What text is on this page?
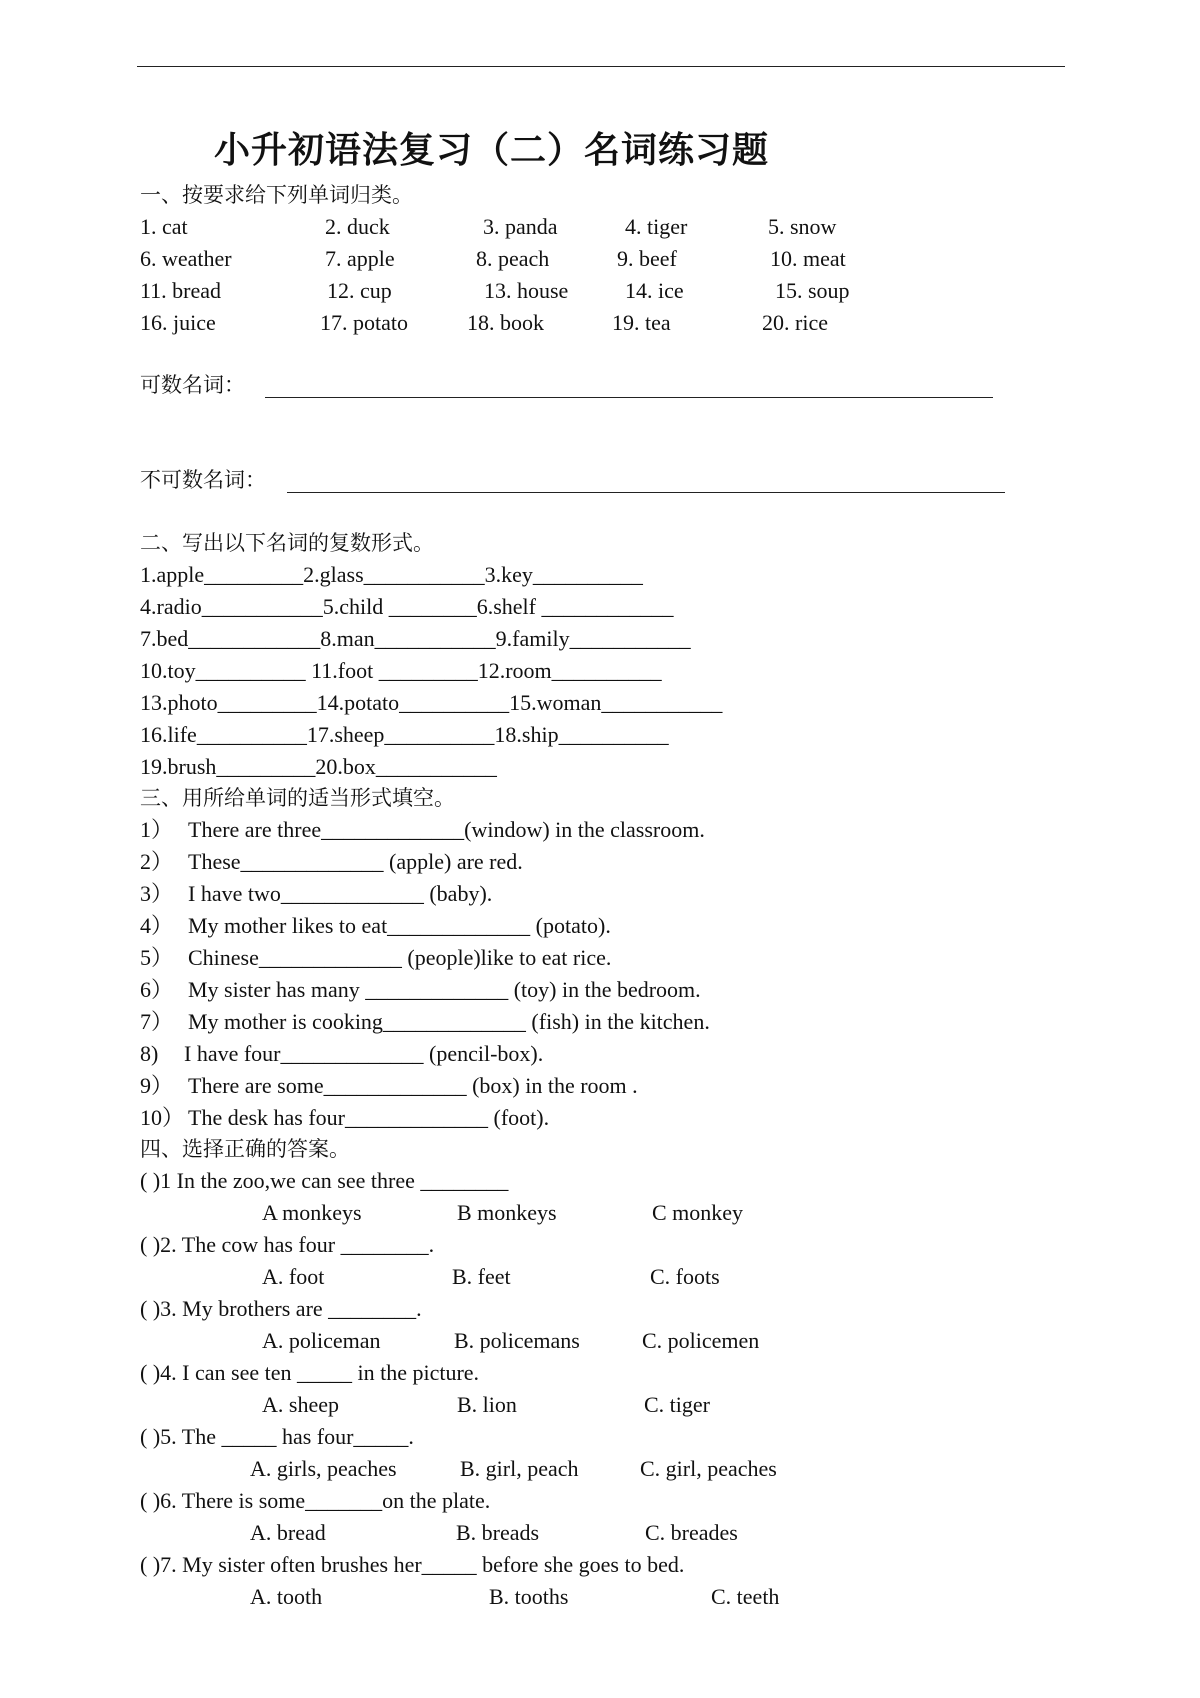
小升初语法复习（二）名词练习题
一、按要求给下列单词归类。
1. cat	2. duck	3. panda	4. tiger	5. snow
6. weather	7. apple	8. peach	9. beef	10. meat
11. bread	12. cup	13. house	14. ice	15. soup
16. juice	17. potato	18. book	19. tea	20. rice
可数名词：
不可数名词：
二、写出以下名词的复数形式。
1.apple_________2.glass___________3.key__________
4.radio___________5.child ________6.shelf ____________
7.bed____________8.man___________9.family___________
10.toy__________ 11.foot _________12.room__________
13.photo_________14.potato__________15.woman___________
16.life__________17.sheep__________18.ship__________
19.brush_________20.box___________
三、用所给单词的适当形式填空。
1） There are three_____________(window) in the classroom.
2） These_____________ (apple) are red.
3） I have two_____________ (baby).
4） My mother likes to eat_____________ (potato).
5） Chinese_____________ (people)like to eat rice.
6） My sister has many _____________ (toy) in the bedroom.
7） My mother is cooking_____________ (fish) in the kitchen.
8) I have four_____________ (pencil-box).
9） There are some_____________ (box) in the room .
10） The desk has four_____________ (foot).
四、选择正确的答案。
( )1 In the zoo,we can see three ________
A monkeys	B monkeys	C monkey
( )2. The cow has four ________.
A. foot	B. feet	C. foots
( )3. My brothers are ________.
A. policeman	B. policemans	C. policemen
( )4. I can see ten _____ in the picture.
A. sheep	B. lion	C. tiger
( )5. The _____ has four_____.
A. girls, peaches	B. girl, peach	C. girl, peaches
( )6. There is some_______on the plate.
A. bread	B. breads	C. breades
( )7. My sister often brushes her_____ before she goes to bed.
A. tooth	B. tooths	C. teeth
